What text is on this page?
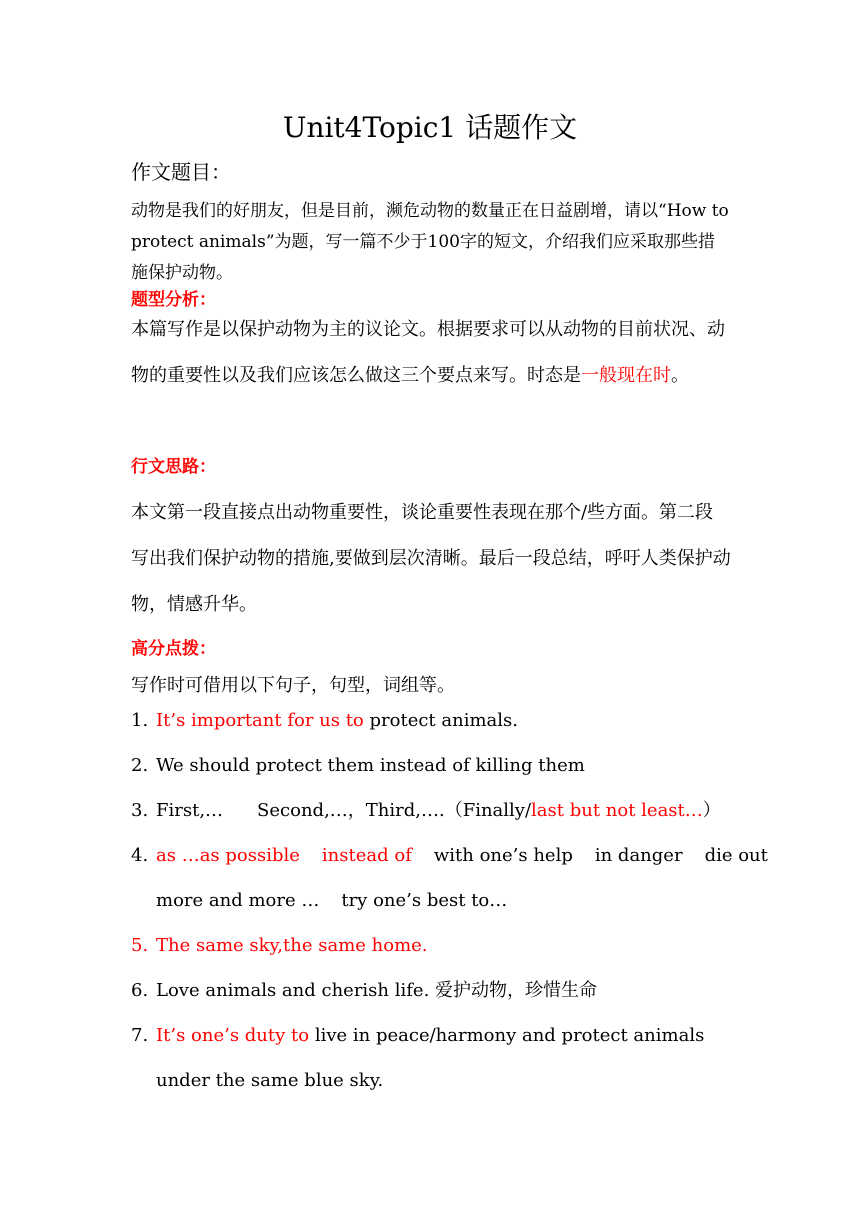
Unit4Topic1 话题作文

作文题目：

动物是我们的好朋友，但是目前，濒危动物的数量正在日益剧增，请以“How to protect animals”为题，写一篇不少于100字的短文，介绍我们应采取那些措施保护动物。

题型分析：

本篇写作是以保护动物为主的议论文。根据要求可以从动物的目前状况、动物的重要性以及我们应该怎么做这三个要点来写。时态是一般现在时。

行文思路：

本文第一段直接点出动物重要性，谈论重要性表现在那个/些方面。第二段写出我们保护动物的措施,要做到层次清晰。最后一段总结，呼吁人类保护动物，情感升华。

高分点拨：

写作时可借用以下句子，句型，词组等。

1. It’s important for us to protect animals.
2. We should protect them instead of killing them
3. First,… Second,…，Third,….（Finally/last but not least…）
4. as …as possible instead of with one’s help in danger die out
more and more … try one’s best to…
5. The same sky,the same home.
6. Love animals and cherish life. 爱护动物，珍惜生命
7. It’s one’s duty to live in peace/harmony and protect animals under the same blue sky.
